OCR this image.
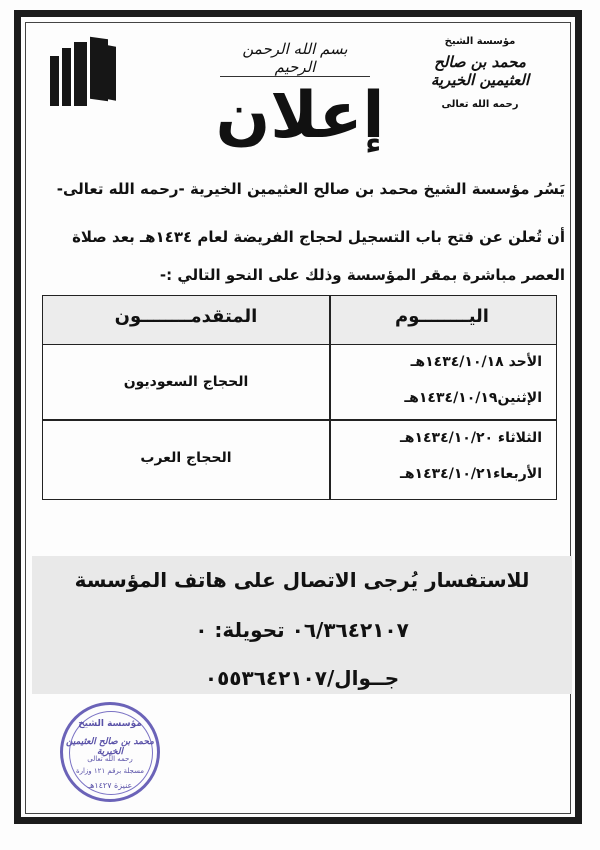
مؤسسة الشيخ
محمد بن صالح العثيمين الخيرية
رحمه الله تعالى
بسم الله الرحمن الرحيم
إعلان
يَسُر مؤسسة الشيخ محمد بن صالح العثيمين الخيرية -رحمه الله تعالى-
أن تُعلن عن فتح باب التسجيل لحجاج الفريضة لعام ١٤٣٤هـ بعد صلاة
العصر مباشرة بمقر المؤسسة وذلك على النحو التالي :-
اليــــــــوم
المتقدمــــــــون
الأحد ١٤٣٤/١٠/١٨هـ
الإثنين١٤٣٤/١٠/١٩هـ
الحجاج السعوديون
الثلاثاء ١٤٣٤/١٠/٢٠هـ
الأربعاء١٤٣٤/١٠/٢١هـ
الحجاج العرب
للاستفسار يُرجى الاتصال على هاتف المؤسسة
٠٦/٣٦٤٢١٠٧ تحويلة: ٠
جــوال/٠٥٥٣٦٤٢١٠٧
مؤسسة الشيخ
محمد بن صالح العثيمين الخيرية
رحمه الله تعالى
مسجلة برقم ١٢١ وزارة
عنيزة ١٤٢٧هـ
